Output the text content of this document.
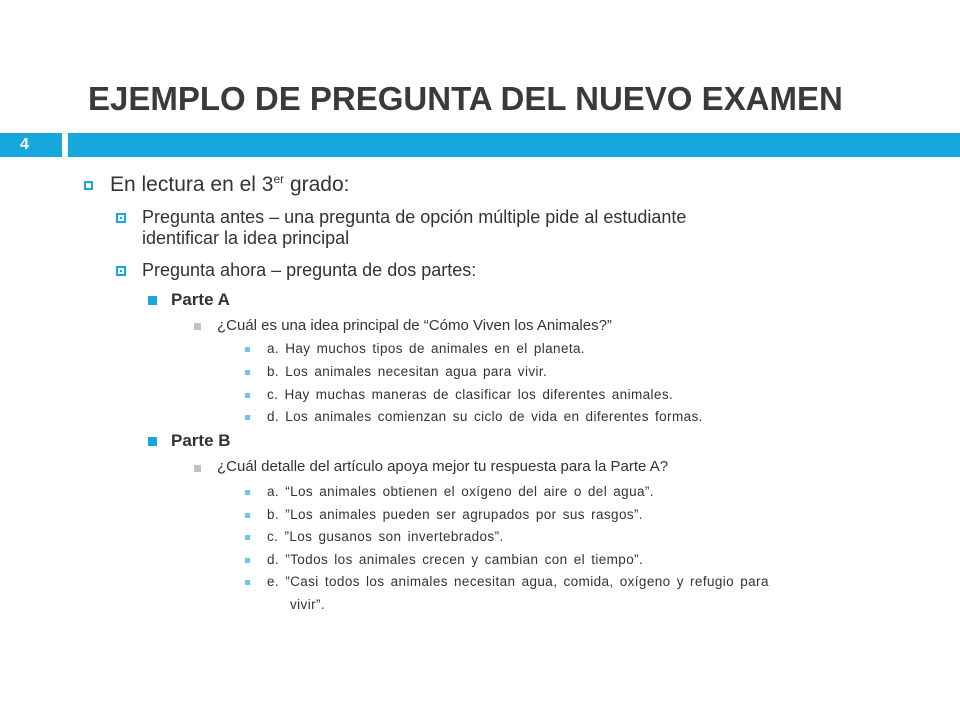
EJEMPLO DE PREGUNTA DEL NUEVO EXAMEN
4
En lectura en el 3er grado:
Pregunta antes – una pregunta de opción múltiple pide al estudiante
identificar la idea principal
Pregunta ahora – pregunta de dos partes:
Parte A
¿Cuál es una idea principal de “Cómo Viven los Animales?”
a. Hay muchos tipos de animales en el planeta.
b. Los animales necesitan agua para vivir.
c. Hay muchas maneras de clasificar los diferentes animales.
d. Los animales comienzan su ciclo de vida en diferentes formas.
Parte B
¿Cuál detalle del artículo apoya mejor tu respuesta para la Parte A?
a. “Los animales obtienen el oxígeno del aire o del agua”.
b. ”Los animales pueden ser agrupados por sus rasgos”.
c. ”Los gusanos son invertebrados”.
d. ”Todos los animales crecen y cambian con el tiempo”.
e. ”Casi todos los animales necesitan agua, comida, oxígeno y refugio para
vivir”.
